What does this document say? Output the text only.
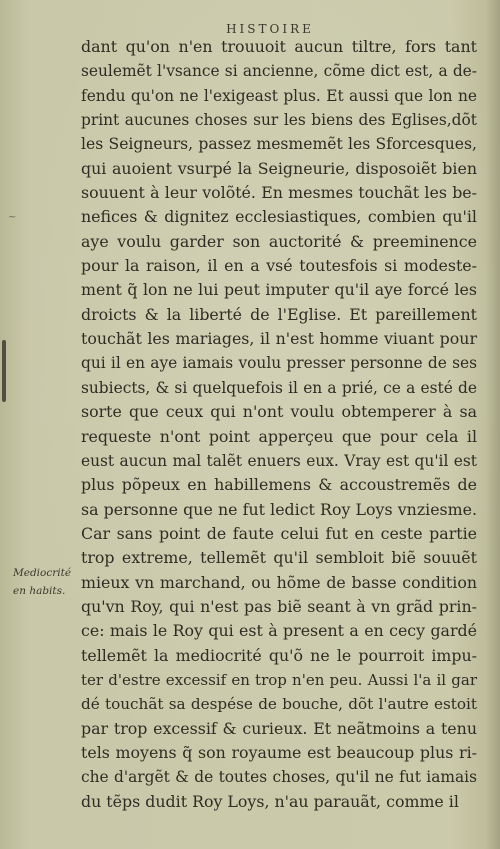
~
HISTOIRE
Mediocrité
en habits.
dant qu'on n'en trouuoit aucun tiltre, fors tant
seulemẽt l'vsance si ancienne, cõme dict est, a de-
fendu qu'on ne l'exigeast plus. Et aussi que lon ne
print aucunes choses sur les biens des Eglises,dõt
les Seigneurs, passez mesmemẽt les Sforcesques,
qui auoient vsurpé la Seigneurie, disposoiẽt bien
souuent à leur volõté. En mesmes touchãt les be-
nefices & dignitez ecclesiastiques, combien qu'il
aye voulu garder son auctorité & preeminence
pour la raison, il en a vsé toutesfois si modeste-
ment q̃ lon ne lui peut imputer qu'il aye forcé les
droicts & la liberté de l'Eglise. Et pareillement
touchãt les mariages, il n'est homme viuant pour
qui il en aye iamais voulu presser personne de ses
subiects, & si quelquefois il en a prié, ce a esté de
sorte que ceux qui n'ont voulu obtemperer à sa
requeste n'ont point apperçeu que pour cela il
eust aucun mal talẽt enuers eux. Vray est qu'il est
plus põpeux en habillemens & accoustremẽs de
sa personne que ne fut ledict Roy Loys vnziesme.
Car sans point de faute celui fut en ceste partie
trop extreme, tellemẽt qu'il sembloit biẽ souuẽt
mieux vn marchand, ou hõme de basse condition
qu'vn Roy, qui n'est pas biẽ seant à vn grãd prin-
ce: mais le Roy qui est à present a en cecy gardé
tellemẽt la mediocrité qu'õ ne le pourroit impu-
ter d'estre excessif en trop n'en peu. Aussi l'a il gar
dé touchãt sa despése de bouche, dõt l'autre estoit
par trop excessif & curieux. Et neãtmoins a tenu
tels moyens q̃ son royaume est beaucoup plus ri-
che d'argẽt & de toutes choses, qu'il ne fut iamais
du tẽps dudit Roy Loys, n'au parauãt, comme il
